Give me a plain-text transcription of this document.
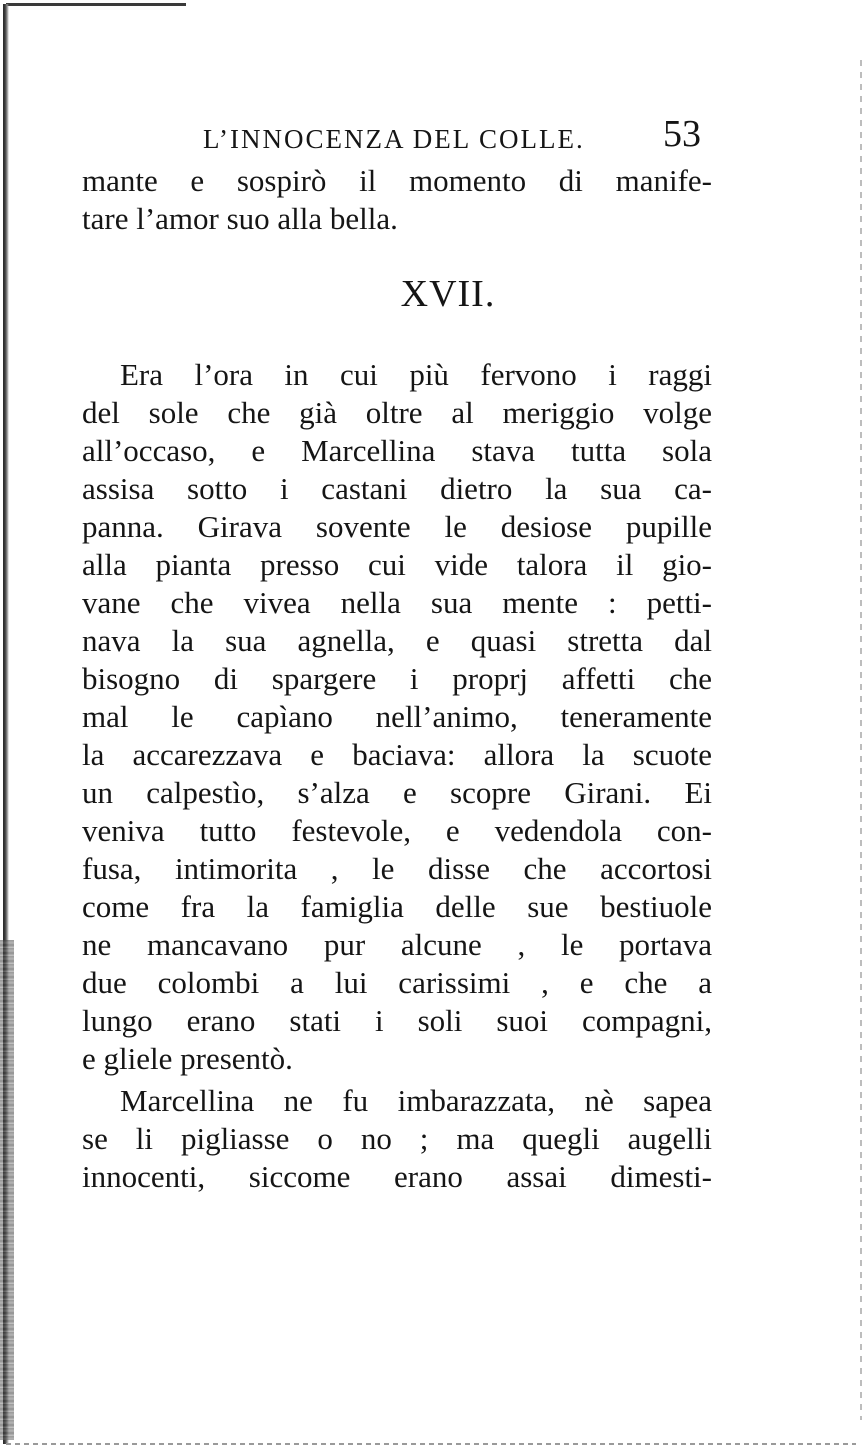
L’INNOCENZA DEL COLLE. 53
mante e sospirò il momento di manife-
tare l’amor suo alla bella.
XVII.
Era l’ora in cui più fervono i raggi
del sole che già oltre al meriggio volge
all’occaso, e Marcellina stava tutta sola
assisa sotto i castani dietro la sua ca-
panna. Girava sovente le desiose pupille
alla pianta presso cui vide talora il gio-
vane che vivea nella sua mente : petti-
nava la sua agnella, e quasi stretta dal
bisogno di spargere i proprj affetti che
mal le capìano nell’animo, teneramente
la accarezzava e baciava: allora la scuote
un calpestìo, s’alza e scopre Girani. Ei
veniva tutto festevole, e vedendola con-
fusa, intimorita , le disse che accortosi
come fra la famiglia delle sue bestiuole
ne mancavano pur alcune , le portava
due colombi a lui carissimi , e che a
lungo erano stati i soli suoi compagni,
e gliele presentò.
Marcellina ne fu imbarazzata, nè sapea
se li pigliasse o no ; ma quegli augelli
innocenti, siccome erano assai dimesti-
